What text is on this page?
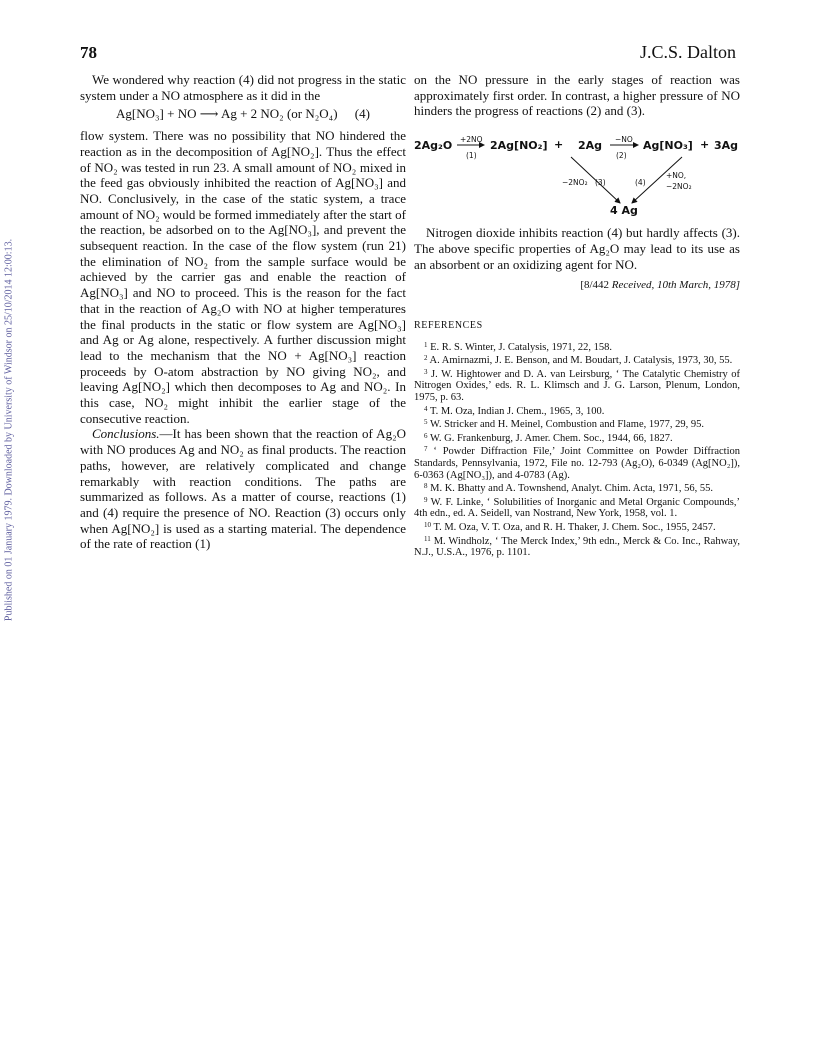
Published on 01 January 1979. Downloaded by University of Windsor on 25/10/2014 12:00:13.
78	J.C.S. Dalton

We wondered why reaction (4) did not progress in the static system under a NO atmosphere as it did in the

Ag[NO₃] + NO ⟶ Ag + 2 NO₂ (or N₂O₄) (4)

flow system. There was no possibility that NO hindered the reaction as in the decomposition of Ag[NO₂]. Thus the effect of NO₂ was tested in run 23. A small amount of NO₂ mixed in the feed gas obviously inhibited the reaction of Ag[NO₃] and NO. Conclusively, in the case of the static system, a trace amount of NO₂ would be formed immediately after the start of the reaction, be adsorbed on to the Ag[NO₃], and prevent the subsequent reaction. In the case of the flow system (run 21) the elimination of NO₂ from the sample surface would be achieved by the carrier gas and enable the reaction of Ag[NO₃] and NO to proceed. This is the reason for the fact that in the reaction of Ag₂O with NO at higher temperatures the final products in the static or flow system are Ag[NO₃] and Ag or Ag alone, respectively. A further discussion might lead to the mechanism that the NO + Ag[NO₃] reaction proceeds by O-atom abstraction by NO giving NO₂, and leaving Ag[NO₂] which then decomposes to Ag and NO₂. In this case, NO₂ might inhibit the earlier stage of the consecutive reaction.

Conclusions.—It has been shown that the reaction of Ag₂O with NO produces Ag and NO₂ as final products. The reaction paths, however, are relatively complicated and change remarkably with reaction conditions. The paths are summarized as follows. As a matter of course, reactions (1) and (4) require the presence of NO. Reaction (3) occurs only when Ag[NO₂] is used as a starting material. The dependence of the rate of reaction (1)

on the NO pressure in the early stages of reaction was approximately first order. In contrast, a higher pressure of NO hinders the progress of reactions (2) and (3).

2Ag₂O +2NO
(1)
2Ag[NO₂] + 2Ag −NO
(2)
Ag[NO₃] + 3Ag
−2NO₂ (3)	(4)
+NO,
−2NO₂
4 Ag

Nitrogen dioxide inhibits reaction (4) but hardly affects (3). The above specific properties of Ag₂O may lead to its use as an absorbent or an oxidizing agent for NO.

[8/442 Received, 10th March, 1978]
REFERENCES

$^1$ E. R. S. Winter, J. Catalysis, 1971, 22, 158.

$^2$ A. Amirnazmi, J. E. Benson, and M. Boudart, J. Catalysis, 1973, 30, 55.

$^3$ J. W. Hightower and D. A. van Leirsburg, ‘ The Catalytic Chemistry of Nitrogen Oxides,’ eds. R. L. Klimsch and J. G. Larson, Plenum, London, 1975, p. 63.

$^4$ T. M. Oza, Indian J. Chem., 1965, 3, 100.

$^5$ W. Stricker and H. Meinel, Combustion and Flame, 1977, 29, 95.

$^6$ W. G. Frankenburg, J. Amer. Chem. Soc., 1944, 66, 1827.

$^7$ ‘ Powder Diffraction File,’ Joint Committee on Powder Diffraction Standards, Pennsylvania, 1972, File no. 12-793 (Ag₂O), 6-0349 (Ag[NO₂]), 6-0363 (Ag[NO₃]), and 4-0783 (Ag).

$^8$ M. K. Bhatty and A. Townshend, Analyt. Chim. Acta, 1971, 56, 55.

$^9$ W. F. Linke, ‘ Solubilities of Inorganic and Metal Organic Compounds,’ 4th edn., ed. A. Seidell, van Nostrand, New York, 1958, vol. 1.

$^{10}$ T. M. Oza, V. T. Oza, and R. H. Thaker, J. Chem. Soc., 1955, 2457.

$^{11}$ M. Windholz, ‘ The Merck Index,’ 9th edn., Merck & Co. Inc., Rahway, N.J., U.S.A., 1976, p. 1101.
